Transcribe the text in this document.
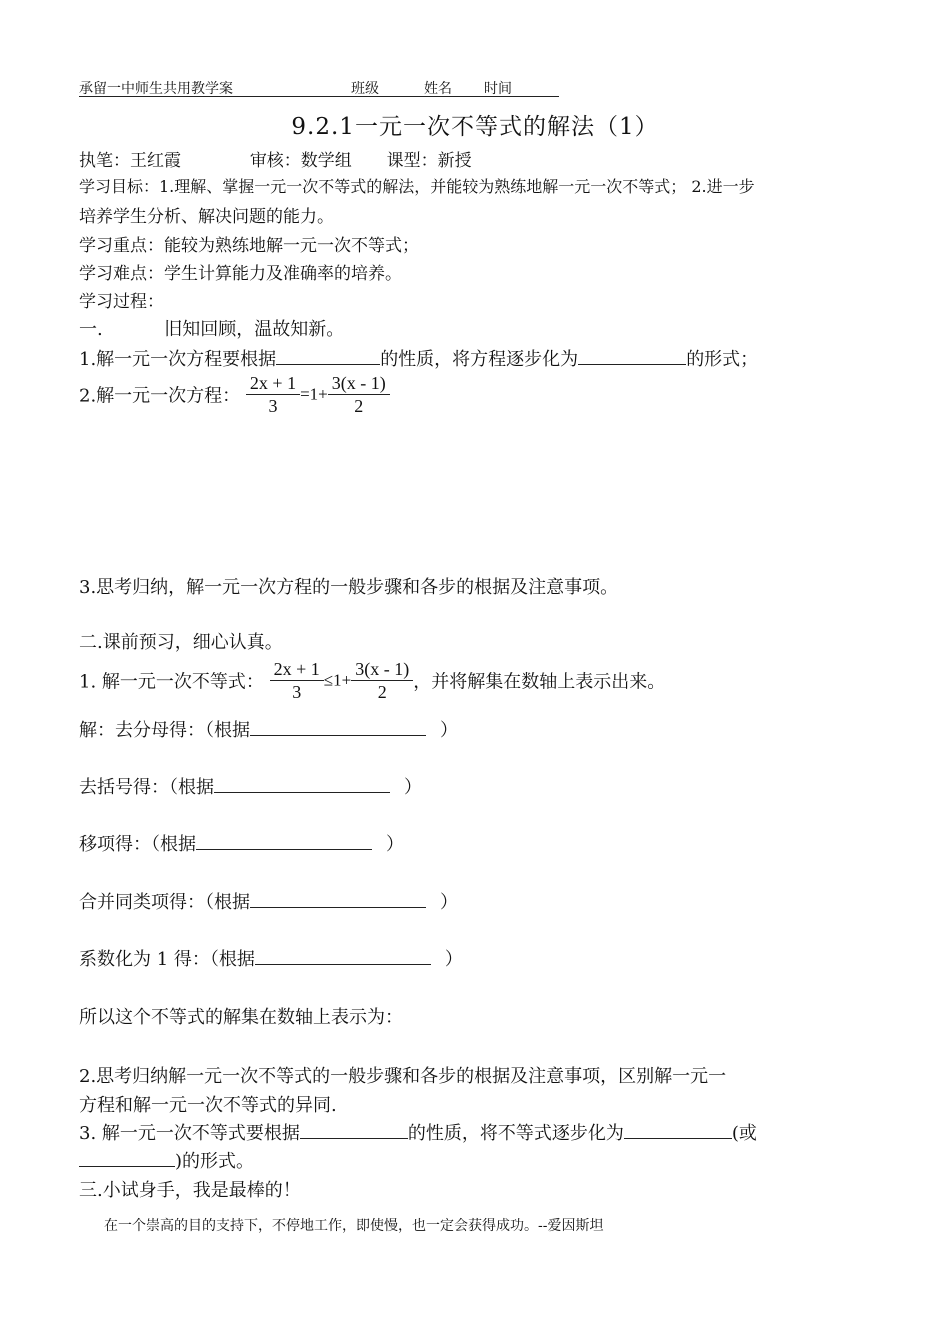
承留一中师生共用教学案	班级	姓名 时间
9.2.1一元一次不等式的解法（1）
执笔：王红霞	审核：数学组 课型：新授
学习目标：1.理解、掌握一元一次不等式的解法，并能较为熟练地解一元一次不等式； 2.进一步
培养学生分析、解决问题的能力。
学习重点：能较为熟练地解一元一次不等式；
学习难点：学生计算能力及准确率的培养。
学习过程：
一.	旧知回顾，温故知新。
1.解一元一次方程要根据	的性质，将方程逐步化为	的形式；
2.解一元一次方程： $\frac{2x + 1}{3} =1+ \frac{3(x - 1)}{2}$
3.思考归纳，解一元一次方程的一般步骤和各步的根据及注意事项。
二.课前预习，细心认真。
1. 解一元一次不等式： $\frac{2x + 1}{3} \le 1+ \frac{3(x - 1)}{2}$ ，并将解集在数轴上表示出来。
解：去分母得：（根据	）
去括号得：（根据	）
移项得：（根据	）
合并同类项得：（根据	）
系数化为 1 得：（根据	）
所以这个不等式的解集在数轴上表示为：
2.思考归纳解一元一次不等式的一般步骤和各步的根据及注意事项，区别解一元一
方程和解一元一次不等式的异同.
3. 解一元一次不等式要根据	的性质，将不等式逐步化为	(或
)的形式。
三.小试身手，我是最棒的！
在一个崇高的目的支持下，不停地工作，即使慢，也一定会获得成功。--爱因斯坦
